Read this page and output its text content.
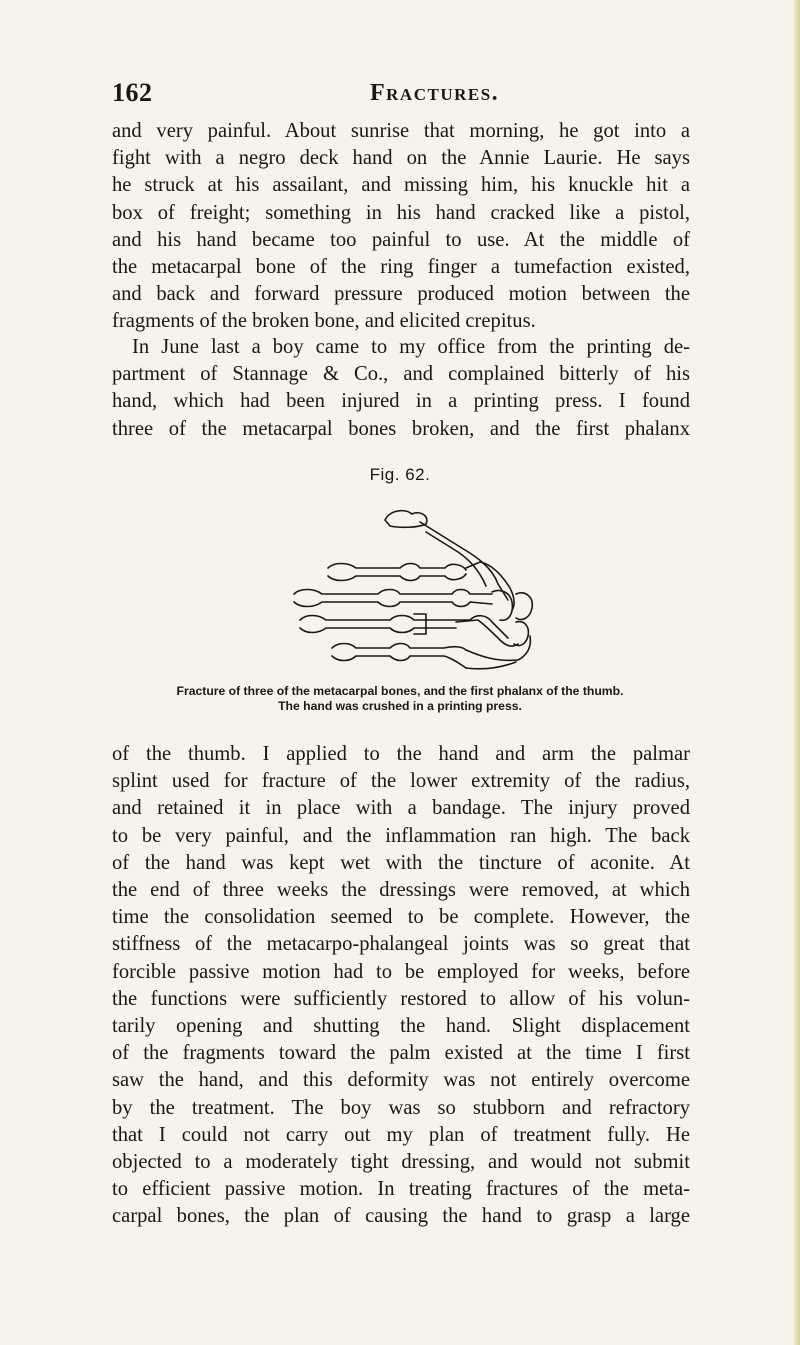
162	Fractures.
and very painful. About sunrise that morning, he got into a
fight with a negro deck hand on the Annie Laurie. He says
he struck at his assailant, and missing him, his knuckle hit a
box of freight; something in his hand cracked like a pistol,
and his hand became too painful to use. At the middle of
the metacarpal bone of the ring finger a tumefaction existed,
and back and forward pressure produced motion between the
fragments of the broken bone, and elicited crepitus.
In June last a boy came to my office from the printing de-
partment of Stannage & Co., and complained bitterly of his
hand, which had been injured in a printing press. I found
three of the metacarpal bones broken, and the first phalanx
Fig. 62.
Fracture of three of the metacarpal bones, and the first phalanx of the thumb.
The hand was crushed in a printing press.
of the thumb. I applied to the hand and arm the palmar
splint used for fracture of the lower extremity of the radius,
and retained it in place with a bandage. The injury proved
to be very painful, and the inflammation ran high. The back
of the hand was kept wet with the tincture of aconite. At
the end of three weeks the dressings were removed, at which
time the consolidation seemed to be complete. However, the
stiffness of the metacarpo-phalangeal joints was so great that
forcible passive motion had to be employed for weeks, before
the functions were sufficiently restored to allow of his volun-
tarily opening and shutting the hand. Slight displacement
of the fragments toward the palm existed at the time I first
saw the hand, and this deformity was not entirely overcome
by the treatment. The boy was so stubborn and refractory
that I could not carry out my plan of treatment fully. He
objected to a moderately tight dressing, and would not submit
to efficient passive motion. In treating fractures of the meta-
carpal bones, the plan of causing the hand to grasp a large
